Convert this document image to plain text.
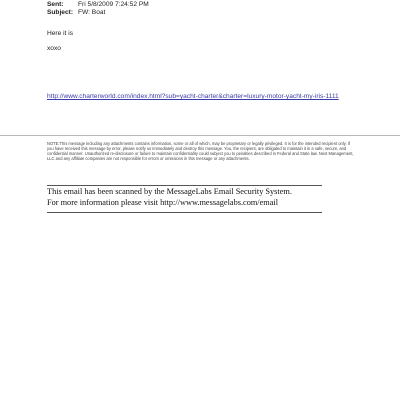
Sent: Fri 5/8/2009 7:24:52 PM
Subject: FW: Boat
Here it is
xoxo
http://www.charterworld.com/index.html?sub=yacht-charter&charter=luxury-motor-yacht-my-iris-1111
NOTE:This message including any attachments contains information, some or all of which, may be proprietary or legally privileged. It is for the intended recipient only. If you have received this message by error, please notify us immediately and destroy this message. You, the recipient, are obligated to maintain it in a safe, secure, and confidential manner. Unauthorized re-disclosure or failure to maintain confidentiality could subject you to penalties described in Federal and State law. Next Management, LLC and any affiliate companies are not responsible for errors or omissions in this message or any attachments.
This email has been scanned by the MessageLabs Email Security System.
For more information please visit http://www.messagelabs.com/email
